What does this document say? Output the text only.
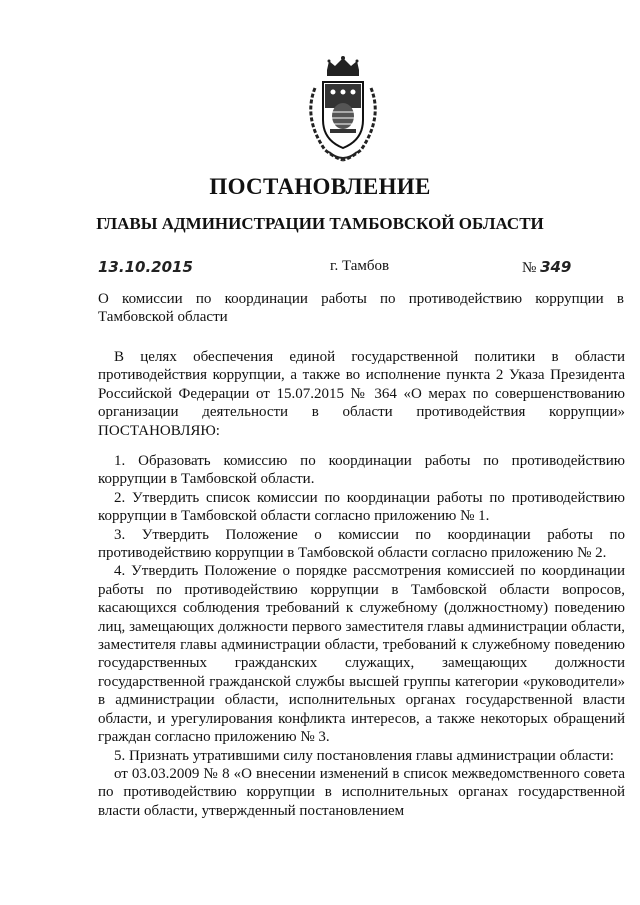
ПОСТАНОВЛЕНИЕ
ГЛАВЫ АДМИНИСТРАЦИИ ТАМБОВСКОЙ ОБЛАСТИ
13.10.2015	г. Тамбов	№ 349
О комиссии по координации работы по противодействию коррупции в Тамбовской области

В целях обеспечения единой государственной политики в области противодействия коррупции, а также во исполнение пункта 2 Указа Президента Российской Федерации от 15.07.2015 № 364 «О мерах по совершенствованию организации деятельности в области противодействия коррупции» ПОСТАНОВЛЯЮ:

1. Образовать комиссию по координации работы по противодействию коррупции в Тамбовской области.

2. Утвердить список комиссии по координации работы по противодействию коррупции в Тамбовской области согласно приложению № 1.

3. Утвердить Положение о комиссии по координации работы по противодействию коррупции в Тамбовской области согласно приложению № 2.

4. Утвердить Положение о порядке рассмотрения комиссией по координации работы по противодействию коррупции в Тамбовской области вопросов, касающихся соблюдения требований к служебному (должностному) поведению лиц, замещающих должности первого заместителя главы администрации области, заместителя главы администрации области, требований к служебному поведению государственных гражданских служащих, замещающих должности государственной гражданской службы высшей группы категории «руководители» в администрации области, исполнительных органах государственной власти области, и урегулирования конфликта интересов, а также некоторых обращений граждан согласно приложению № 3.

5. Признать утратившими силу постановления главы администрации области:

от 03.03.2009 № 8 «О внесении изменений в список межведомственного совета по противодействию коррупции в исполнительных органах государственной власти области, утвержденный постановлением
